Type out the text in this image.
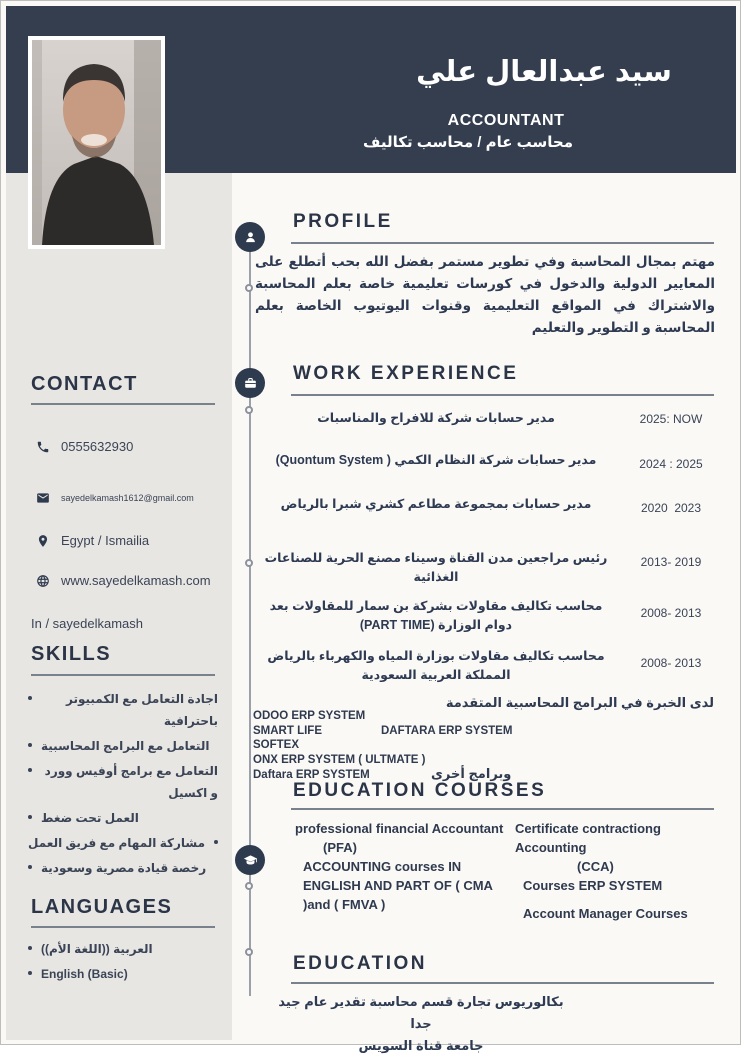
سيد عبدالعال علي
ACCOUNTANT
محاسب عام / محاسب تكاليف
CONTACT
0555632930
sayedelkamash1612@gmail.com
Egypt / Ismailia
www.sayedelkamash.com
In / sayedelkamash
SKILLS
اجادة التعامل مع الكمبيوتر باحترافية
التعامل مع البرامج المحاسبية
التعامل مع برامج أوفيس وورد و اكسيل
العمل تحت ضغط
مشاركة المهام مع فريق العمل
رخصة قيادة مصرية وسعودية
LANGUAGES
العربية ((اللغة الأم))
English (Basic)
PROFILE
مهتم بمجال المحاسبة وفي تطوير مستمر بفضل الله بحب أتطلع على المعايير الدولية والدخول في كورسات تعليمية خاصة بعلم المحاسبة والاشتراك في المواقع التعليمية وقنوات اليوتيوب الخاصة بعلم المحاسبة و التطوير والتعليم
WORK EXPERIENCE
مدير حسابات شركة للافراح والمناسبات	2025: NOW
مدير حسابات شركة النظام الكمي ( Quontum System)	2024 : 2025
مدير حسابات بمجموعة مطاعم كشري شبرا بالرياض	2020  2023
رئيس مراجعين مدن القناة وسيناء مصنع الحرية للصناعات الغذائية
2013- 2019
محاسب تكاليف مقاولات بشركة بن سمار للمقاولات بعد دوام الوزارة (PART TIME)
2008- 2013
محاسب تكاليف مقاولات بوزارة المياه والكهرباء بالرياض المملكة العربية السعودية
2008- 2013
لدى الخبرة في البرامج المحاسبية المتقدمة
ODOO ERP SYSTEM
SMART LIFE	DAFTARA ERP SYSTEM
SOFTEX
ONX ERP SYSTEM ( ULTMATE )
Daftara ERP SYSTEM	وبرامج أخرى
EDUCATION COURSES
professional financial Accountant
(PFA)
ACCOUNTING courses IN ENGLISH AND PART OF ( CMA )and ( FMVA )
Certificate contractiong Accounting
(CCA)
Courses ERP SYSTEM
Account Manager Courses
EDUCATION
بكالوريوس تجارة قسم محاسبة تقدير عام جيد جدا
جامعة قناة السويس
